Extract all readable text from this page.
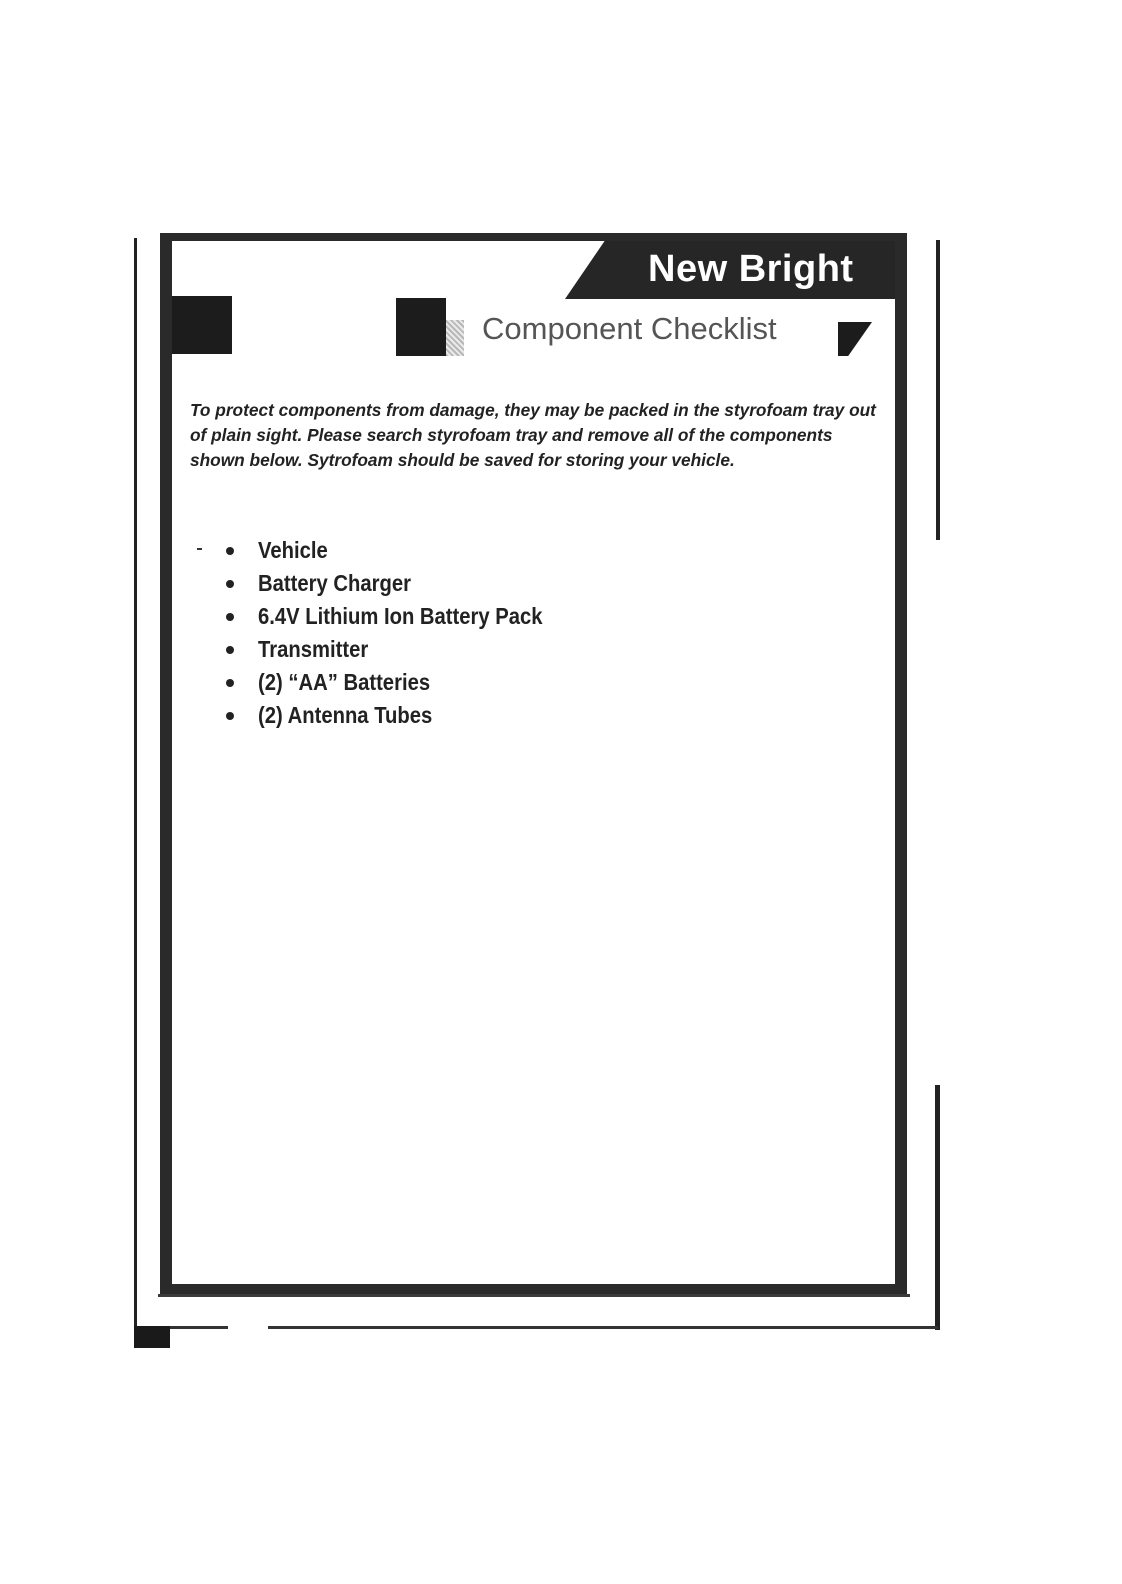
New Bright
Component Checklist

To protect components from damage, they may be packed in the styrofoam tray out of plain sight. Please search styrofoam tray and remove all of the components shown below. Sytrofoam should be saved for storing your vehicle.

Vehicle
Battery Charger
6.4V Lithium Ion Battery Pack
Transmitter
(2) “AA” Batteries
(2) Antenna Tubes
